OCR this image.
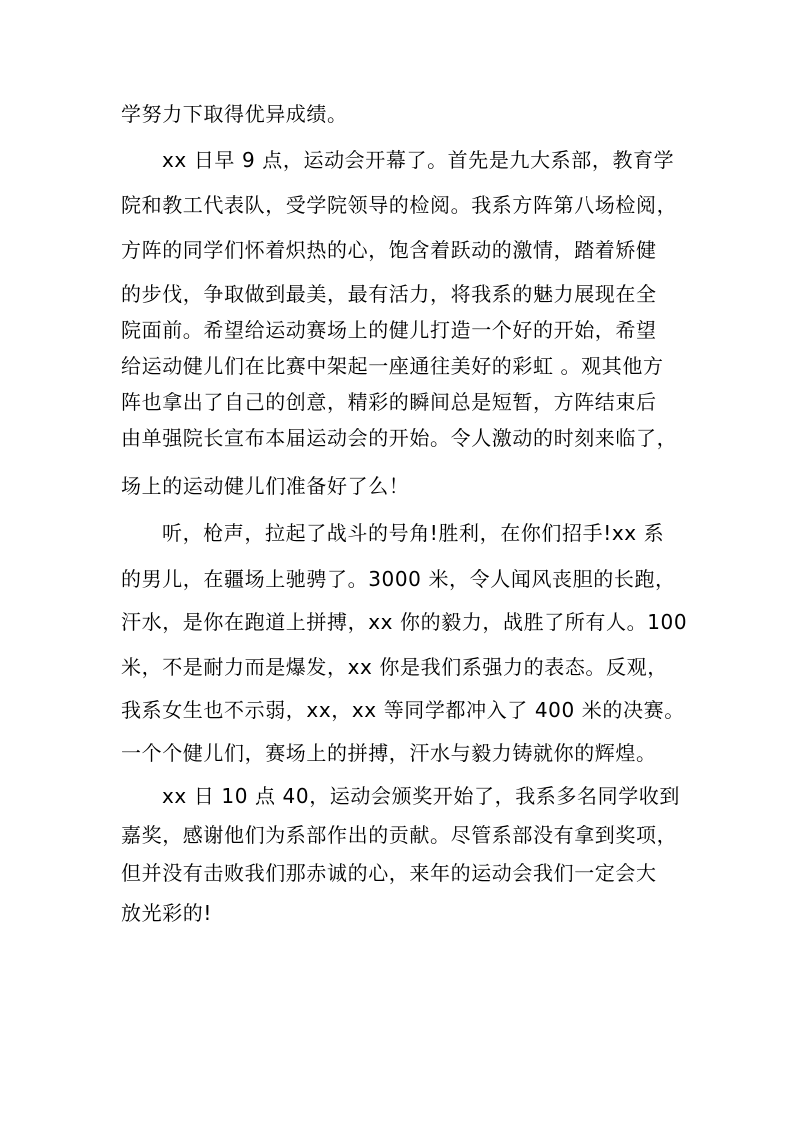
学努力下取得优异成绩。
xx 日早 9 点，运动会开幕了。首先是九大系部，教育学
院和教工代表队，受学院领导的检阅。我系方阵第八场检阅，
方阵的同学们怀着炽热的心，饱含着跃动的激情，踏着矫健
的步伐，争取做到最美，最有活力，将我系的魅力展现在全
院面前。希望给运动赛场上的健儿打造一个好的开始，希望
给运动健儿们在比赛中架起一座通往美好的彩虹 。观其他方
阵也拿出了自己的创意，精彩的瞬间总是短暂，方阵结束后
由单强院长宣布本届运动会的开始。令人激动的时刻来临了，
场上的运动健儿们准备好了么！
听，枪声，拉起了战斗的号角!胜利，在你们招手!xx 系
的男儿，在疆场上驰骋了。3000 米，令人闻风丧胆的长跑，
汗水，是你在跑道上拼搏，xx 你的毅力，战胜了所有人。100
米，不是耐力而是爆发，xx 你是我们系强力的表态。反观，
我系女生也不示弱，xx，xx 等同学都冲入了 400 米的决赛。
一个个健儿们，赛场上的拼搏，汗水与毅力铸就你的辉煌。
xx 日 10 点 40，运动会颁奖开始了，我系多名同学收到
嘉奖，感谢他们为系部作出的贡献。尽管系部没有拿到奖项，
但并没有击败我们那赤诚的心，来年的运动会我们一定会大
放光彩的!
